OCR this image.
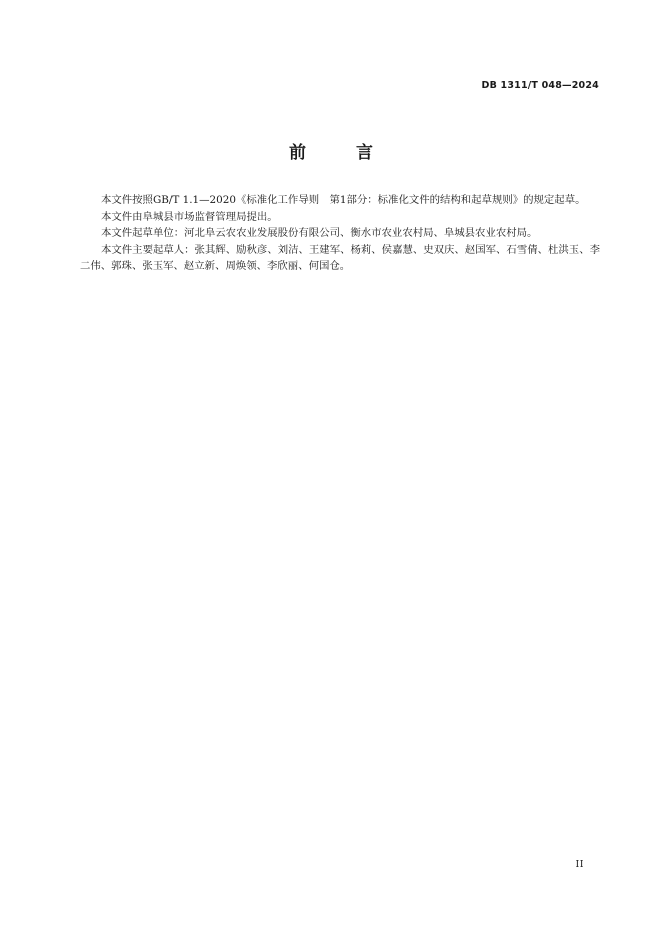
DB 1311/T 048—2024
前 言

本文件按照GB/T 1.1—2020《标准化工作导则　第1部分：标准化文件的结构和起草规则》的规定起草。

本文件由阜城县市场监督管理局提出。

本文件起草单位：河北阜云农农业发展股份有限公司、衡水市农业农村局、阜城县农业农村局。

本文件主要起草人：张其辉、励秋彦、刘洁、王建军、杨莉、侯嘉慧、史双庆、赵国军、石雪倩、杜洪玉、李二伟、郭珠、张玉军、赵立新、周焕领、李欣丽、何国仓。

II
